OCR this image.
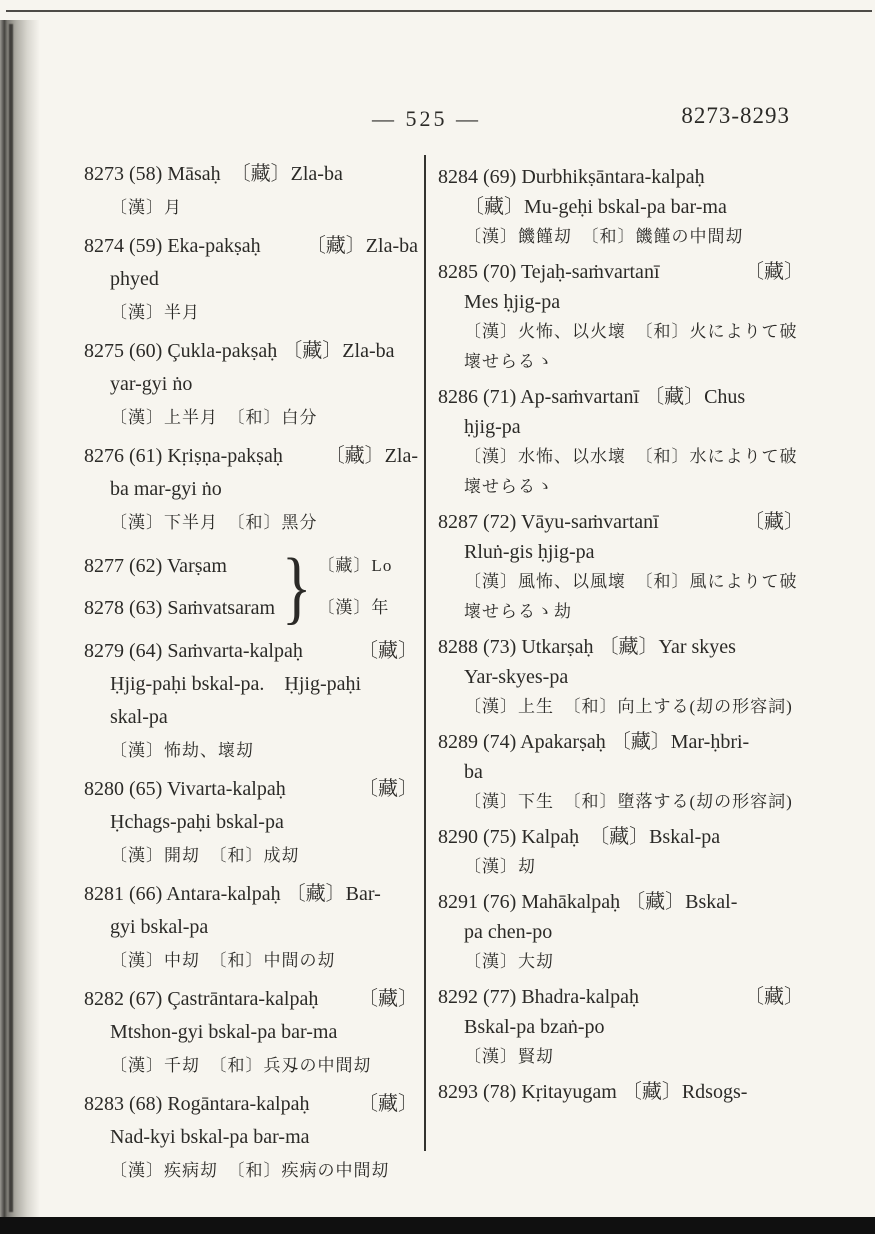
— 525 —	8273-8293
8273 (58) Māsaḥ　〔藏〕Zla-ba
〔漢〕月
8274 (59) Eka-pakṣaḥ 〔藏〕Zla-ba
phyed
〔漢〕半月
8275 (60) Çukla-pakṣaḥ 〔藏〕Zla-ba
yar-gyi ṅo
〔漢〕上半月　〔和〕白分
8276 (61) Kṛiṣṇa-pakṣaḥ 〔藏〕Zla-
ba mar-gyi ṅo
〔漢〕下半月　〔和〕黑分
8277 (62) Varṣam
8278 (63) Saṁvatsaram } 〔藏〕Lo
〔漢〕年
8279 (64) Saṁvarta-kalpaḥ	〔藏〕
Ḥjig-paḥi bskal-pa.　Ḥjig-paḥi
skal-pa
〔漢〕怖劫、壞刧
8280 (65) Vivarta-kalpaḥ	〔藏〕
Ḥchags-paḥi bskal-pa
〔漢〕開刧　〔和〕成刧
8281 (66) Antara-kalpaḥ 〔藏〕Bar-
gyi bskal-pa
〔漢〕中刧　〔和〕中間の刧
8282 (67) Çastrāntara-kalpaḥ 〔藏〕
Mtshon-gyi bskal-pa bar-ma
〔漢〕千刧　〔和〕兵刄の中間刧
8283 (68) Rogāntara-kalpaḥ 〔藏〕
Nad-kyi bskal-pa bar-ma
〔漢〕疾病刧　〔和〕疾病の中間刧
8284 (69) Durbhikṣāntara-kalpaḥ
〔藏〕Mu-geḥi bskal-pa bar-ma
〔漢〕饑饉刧　〔和〕饑饉の中間刧
8285 (70) Tejaḥ-saṁvartanī	〔藏〕
Mes ḥjig-pa
〔漢〕火怖、以火壞　〔和〕火によりて破
壞せらるゝ
8286 (71) Ap-saṁvartanī 〔藏〕Chus
ḥjig-pa
〔漢〕水怖、以水壞　〔和〕水によりて破
壞せらるゝ
8287 (72) Vāyu-saṁvartanī	〔藏〕
Rluṅ-gis ḥjig-pa
〔漢〕風怖、以風壞　〔和〕風によりて破
壞せらるゝ劫
8288 (73) Utkarṣaḥ 〔藏〕Yar skyes
Yar-skyes-pa
〔漢〕上生　〔和〕向上する(刧の形容詞)
8289 (74) Apakarṣaḥ 〔藏〕Mar-ḥbri-
ba
〔漢〕下生　〔和〕墮落する(刧の形容詞)
8290 (75) Kalpaḥ　〔藏〕Bskal-pa
〔漢〕刧
8291 (76) Mahākalpaḥ 〔藏〕Bskal-
pa chen-po
〔漢〕大刧
8292 (77) Bhadra-kalpaḥ	〔藏〕
Bskal-pa bzaṅ-po
〔漢〕賢刧
8293 (78) Kṛitayugam 〔藏〕Rdsogs-
